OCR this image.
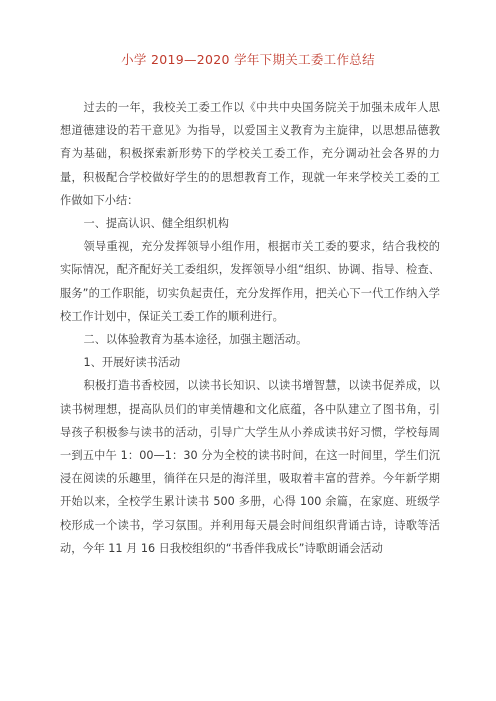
小学 2019—2020 学年下期关工委工作总结

过去的一年，我校关工委工作以《中共中央国务院关于加强未成年人思想道德建设的若干意见》为指导，以爱国主义教育为主旋律，以思想品德教育为基础，积极探索新形势下的学校关工委工作，充分调动社会各界的力量，积极配合学校做好学生的的思想教育工作，现就一年来学校关工委的工作做如下小结：

一、提高认识、健全组织机构

领导重视，充分发挥领导小组作用，根据市关工委的要求，结合我校的实际情况，配齐配好关工委组织，发挥领导小组“组织、协调、指导、检查、服务”的工作职能，切实负起责任，充分发挥作用，把关心下一代工作纳入学校工作计划中，保证关工委工作的顺利进行。

二、以体验教育为基本途径，加强主题活动。

1、开展好读书活动

积极打造书香校园，以读书长知识、以读书增智慧，以读书促养成，以读书树理想，提高队员们的审美情趣和文化底蕴，各中队建立了图书角，引导孩子积极参与读书的活动，引导广大学生从小养成读书好习惯，学校每周一到五中午 1：00—1：30 分为全校的读书时间，在这一时间里，学生们沉浸在阅读的乐趣里，徜徉在只是的海洋里，吸取着丰富的营养。今年新学期开始以来，全校学生累计读书 500 多册，心得 100 余篇，在家庭、班级学校形成一个读书，学习氛围。并利用每天晨会时间组织背诵古诗，诗歌等活动，今年 11 月 16 日我校组织的“书香伴我成长”诗歌朗诵会活动
